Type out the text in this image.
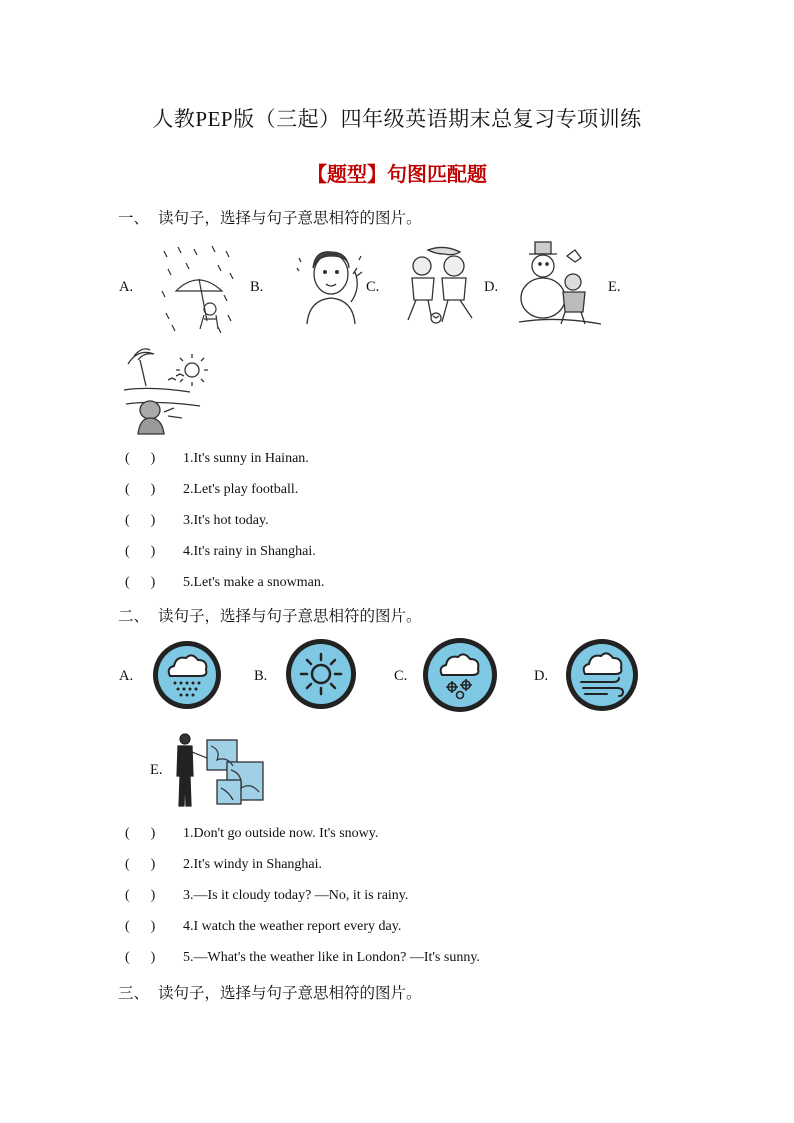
人教PEP版（三起）四年级英语期末总复习专项训练
【题型】句图匹配题
一、 读句子，选择与句子意思相符的图片。
A.	B.	C.	D.	E.
(      ) 1.It's sunny in Hainan.
(      ) 2.Let's play football.
(      ) 3.It's hot today.
(      ) 4.It's rainy in Shanghai.
(      ) 5.Let's make a snowman.
二、 读句子，选择与句子意思相符的图片。
A.	B.	C.	D.
E.
(      ) 1.Don't go outside now. It's snowy.
(      ) 2.It's windy in Shanghai.
(      ) 3.—Is it cloudy today? —No, it is rainy.
(      ) 4.I watch the weather report every day.
(      ) 5.—What's the weather like in London? —It's sunny.
三、 读句子，选择与句子意思相符的图片。
